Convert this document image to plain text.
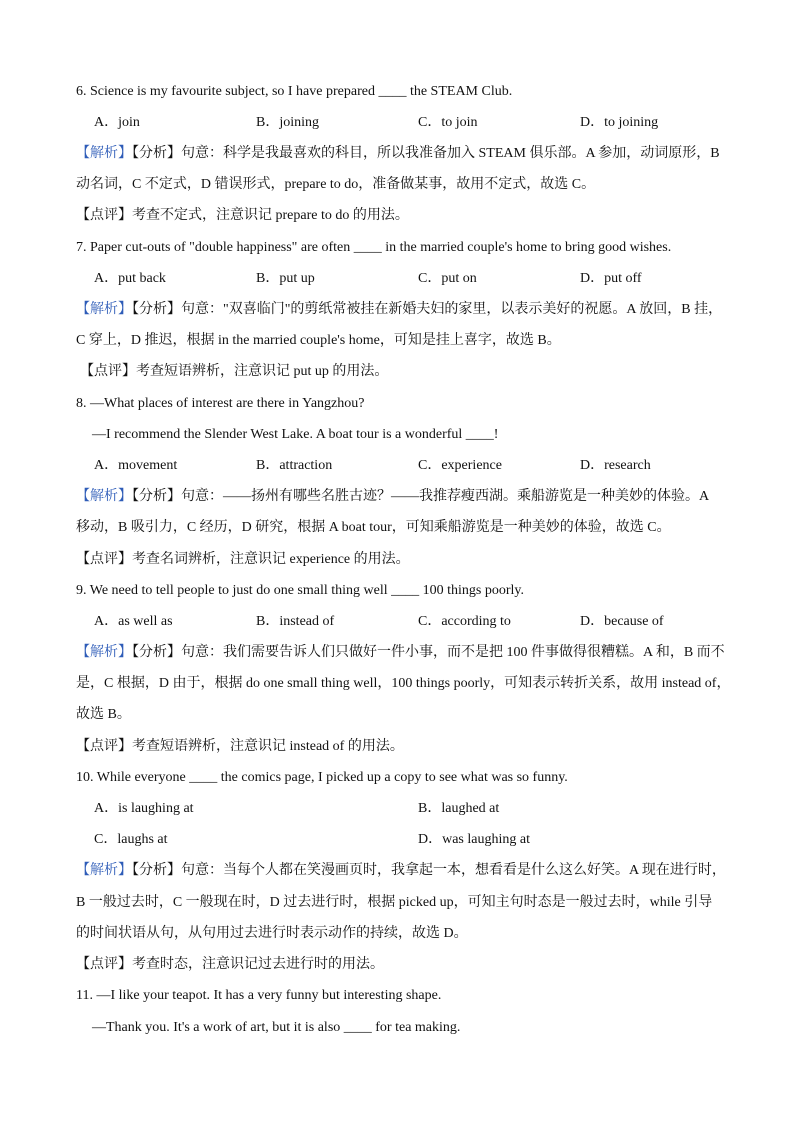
6. Science is my favourite subject, so I have prepared ____ the STEAM Club.
A．join	B．joining	C．to join	D．to joining
【解析】【分析】句意：科学是我最喜欢的科目，所以我准备加入 STEAM 俱乐部。A 参加，动词原形，B
动名词，C 不定式，D 错误形式，prepare to do，准备做某事，故用不定式，故选 C。
【点评】考查不定式，注意识记 prepare to do 的用法。
7. Paper cut-outs of "double happiness" are often ____ in the married couple's home to bring good wishes.
A．put back	B．put up	C．put on	D．put off
【解析】【分析】句意："双喜临门"的剪纸常被挂在新婚夫妇的家里，以表示美好的祝愿。A 放回，B 挂，
C 穿上，D 推迟，根据 in the married couple's home，可知是挂上喜字，故选 B。
【点评】考查短语辨析，注意识记 put up 的用法。
8. —What places of interest are there in Yangzhou?
—I recommend the Slender West Lake. A boat tour is a wonderful ____!
A．movement	B．attraction	C．experience	D．research
【解析】【分析】句意：——扬州有哪些名胜古迹？——我推荐瘦西湖。乘船游览是一种美妙的体验。A
移动，B 吸引力，C 经历，D 研究，根据 A boat tour，可知乘船游览是一种美妙的体验，故选 C。
【点评】考查名词辨析，注意识记 experience 的用法。
9. We need to tell people to just do one small thing well ____ 100 things poorly.
A．as well as	B．instead of	C．according to	D．because of
【解析】【分析】句意：我们需要告诉人们只做好一件小事，而不是把 100 件事做得很糟糕。A 和，B 而不
是，C 根据，D 由于，根据 do one small thing well，100 things poorly，可知表示转折关系，故用 instead of，
故选 B。
【点评】考查短语辨析，注意识记 instead of 的用法。
10. While everyone ____ the comics page, I picked up a copy to see what was so funny.
A．is laughing at	B．laughed at
C．laughs at	D．was laughing at
【解析】【分析】句意：当每个人都在笑漫画页时，我拿起一本，想看看是什么这么好笑。A 现在进行时，
B 一般过去时，C 一般现在时，D 过去进行时，根据 picked up，可知主句时态是一般过去时，while 引导
的时间状语从句，从句用过去进行时表示动作的持续，故选 D。
【点评】考查时态，注意识记过去进行时的用法。
11. —I like your teapot. It has a very funny but interesting shape.
—Thank you. It's a work of art, but it is also ____ for tea making.
